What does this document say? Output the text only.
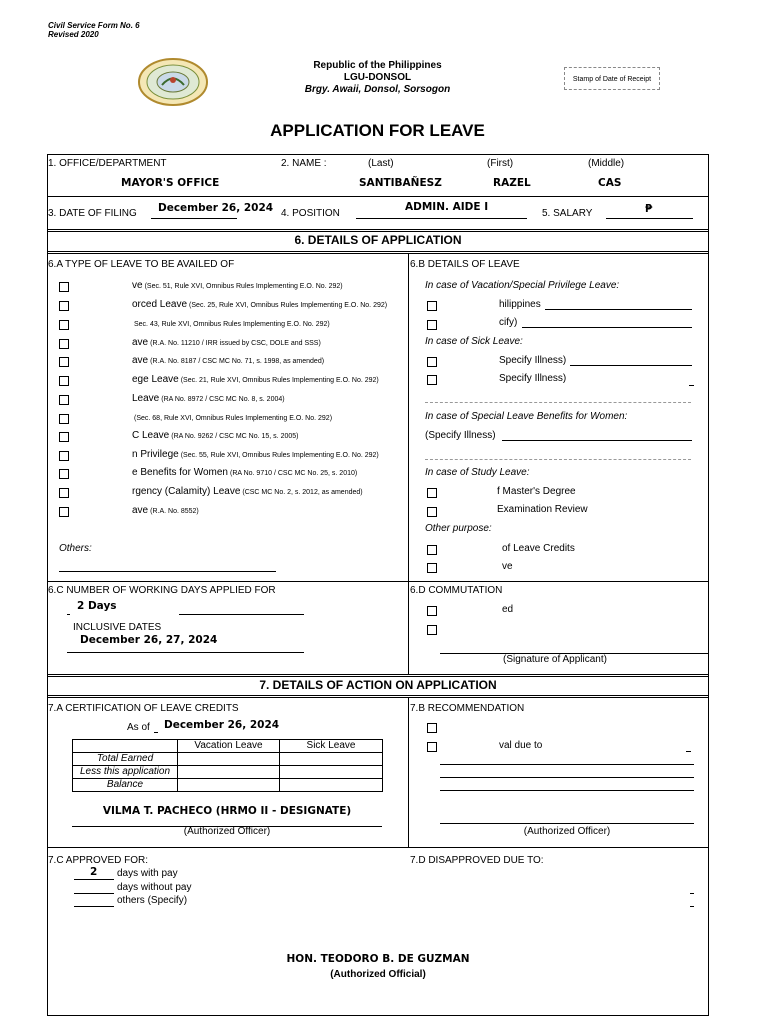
Civil Service Form No. 6
Revised 2020
Republic of the Philippines
LGU-DONSOL
Brgy. Awaii, Donsol, Sorsogon
Stamp of Date of Receipt
APPLICATION FOR LEAVE
1. OFFICE/DEPARTMENT	2. NAME :	(Last)	(First)	(Middle)
MAYOR'S OFFICE	SANTIBAÑESZ	RAZEL	CAS
3. DATE OF FILING December 26, 2024 4. POSITION
ADMIN. AIDE I
5. SALARY	₱
6. DETAILS OF APPLICATION
6.A TYPE OF LEAVE TO BE AVAILED OF
ve (Sec. 51, Rule XVI, Omnibus Rules Implementing E.O. No. 292)
orced Leave (Sec. 25, Rule XVI, Omnibus Rules Implementing E.O. No. 292)
Sec. 43, Rule XVI, Omnibus Rules Implementing E.O. No. 292)
ave (R.A. No. 11210 / IRR issued by CSC, DOLE and SSS)
ave (R.A. No. 8187 / CSC MC No. 71, s. 1998, as amended)
ege Leave (Sec. 21, Rule XVI, Omnibus Rules Implementing E.O. No. 292)
Leave (RA No. 8972 / CSC MC No. 8, s. 2004)
(Sec. 68, Rule XVI, Omnibus Rules Implementing E.O. No. 292)
C Leave (RA No. 9262 / CSC MC No. 15, s. 2005)
n Privilege (Sec. 55, Rule XVI, Omnibus Rules Implementing E.O. No. 292)
e Benefits for Women (RA No. 9710 / CSC MC No. 25, s. 2010)
rgency (Calamity) Leave (CSC MC No. 2, s. 2012, as amended)
ave (R.A. No. 8552)
Others:
6.B DETAILS OF LEAVE
In case of Vacation/Special Privilege Leave:
hilippines
cify)
In case of Sick Leave:
Specify Illness)
Specify Illness)
In case of Special Leave Benefits for Women:
(Specify Illness)
In case of Study Leave:
f Master's Degree
Examination Review
Other purpose:
of Leave Credits
ve
6.C NUMBER OF WORKING DAYS APPLIED FOR
2 Days
INCLUSIVE DATES
December 26, 27, 2024
6.D COMMUTATION
ed
(Signature of Applicant)
7. DETAILS OF ACTION ON APPLICATION
7.A CERTIFICATION OF LEAVE CREDITS
As of December 26, 2024
	Vacation Leave	Sick Leave
Total Earned		
Less this application		
Balance		
VILMA T. PACHECO (HRMO II - DESIGNATE)
(Authorized Officer)
7.B RECOMMENDATION
val due to
(Authorized Officer)
7.C APPROVED FOR:
2 days with pay
days without pay
others (Specify)
7.D DISAPPROVED DUE TO:
HON. TEODORO B. DE GUZMAN
(Authorized Official)
